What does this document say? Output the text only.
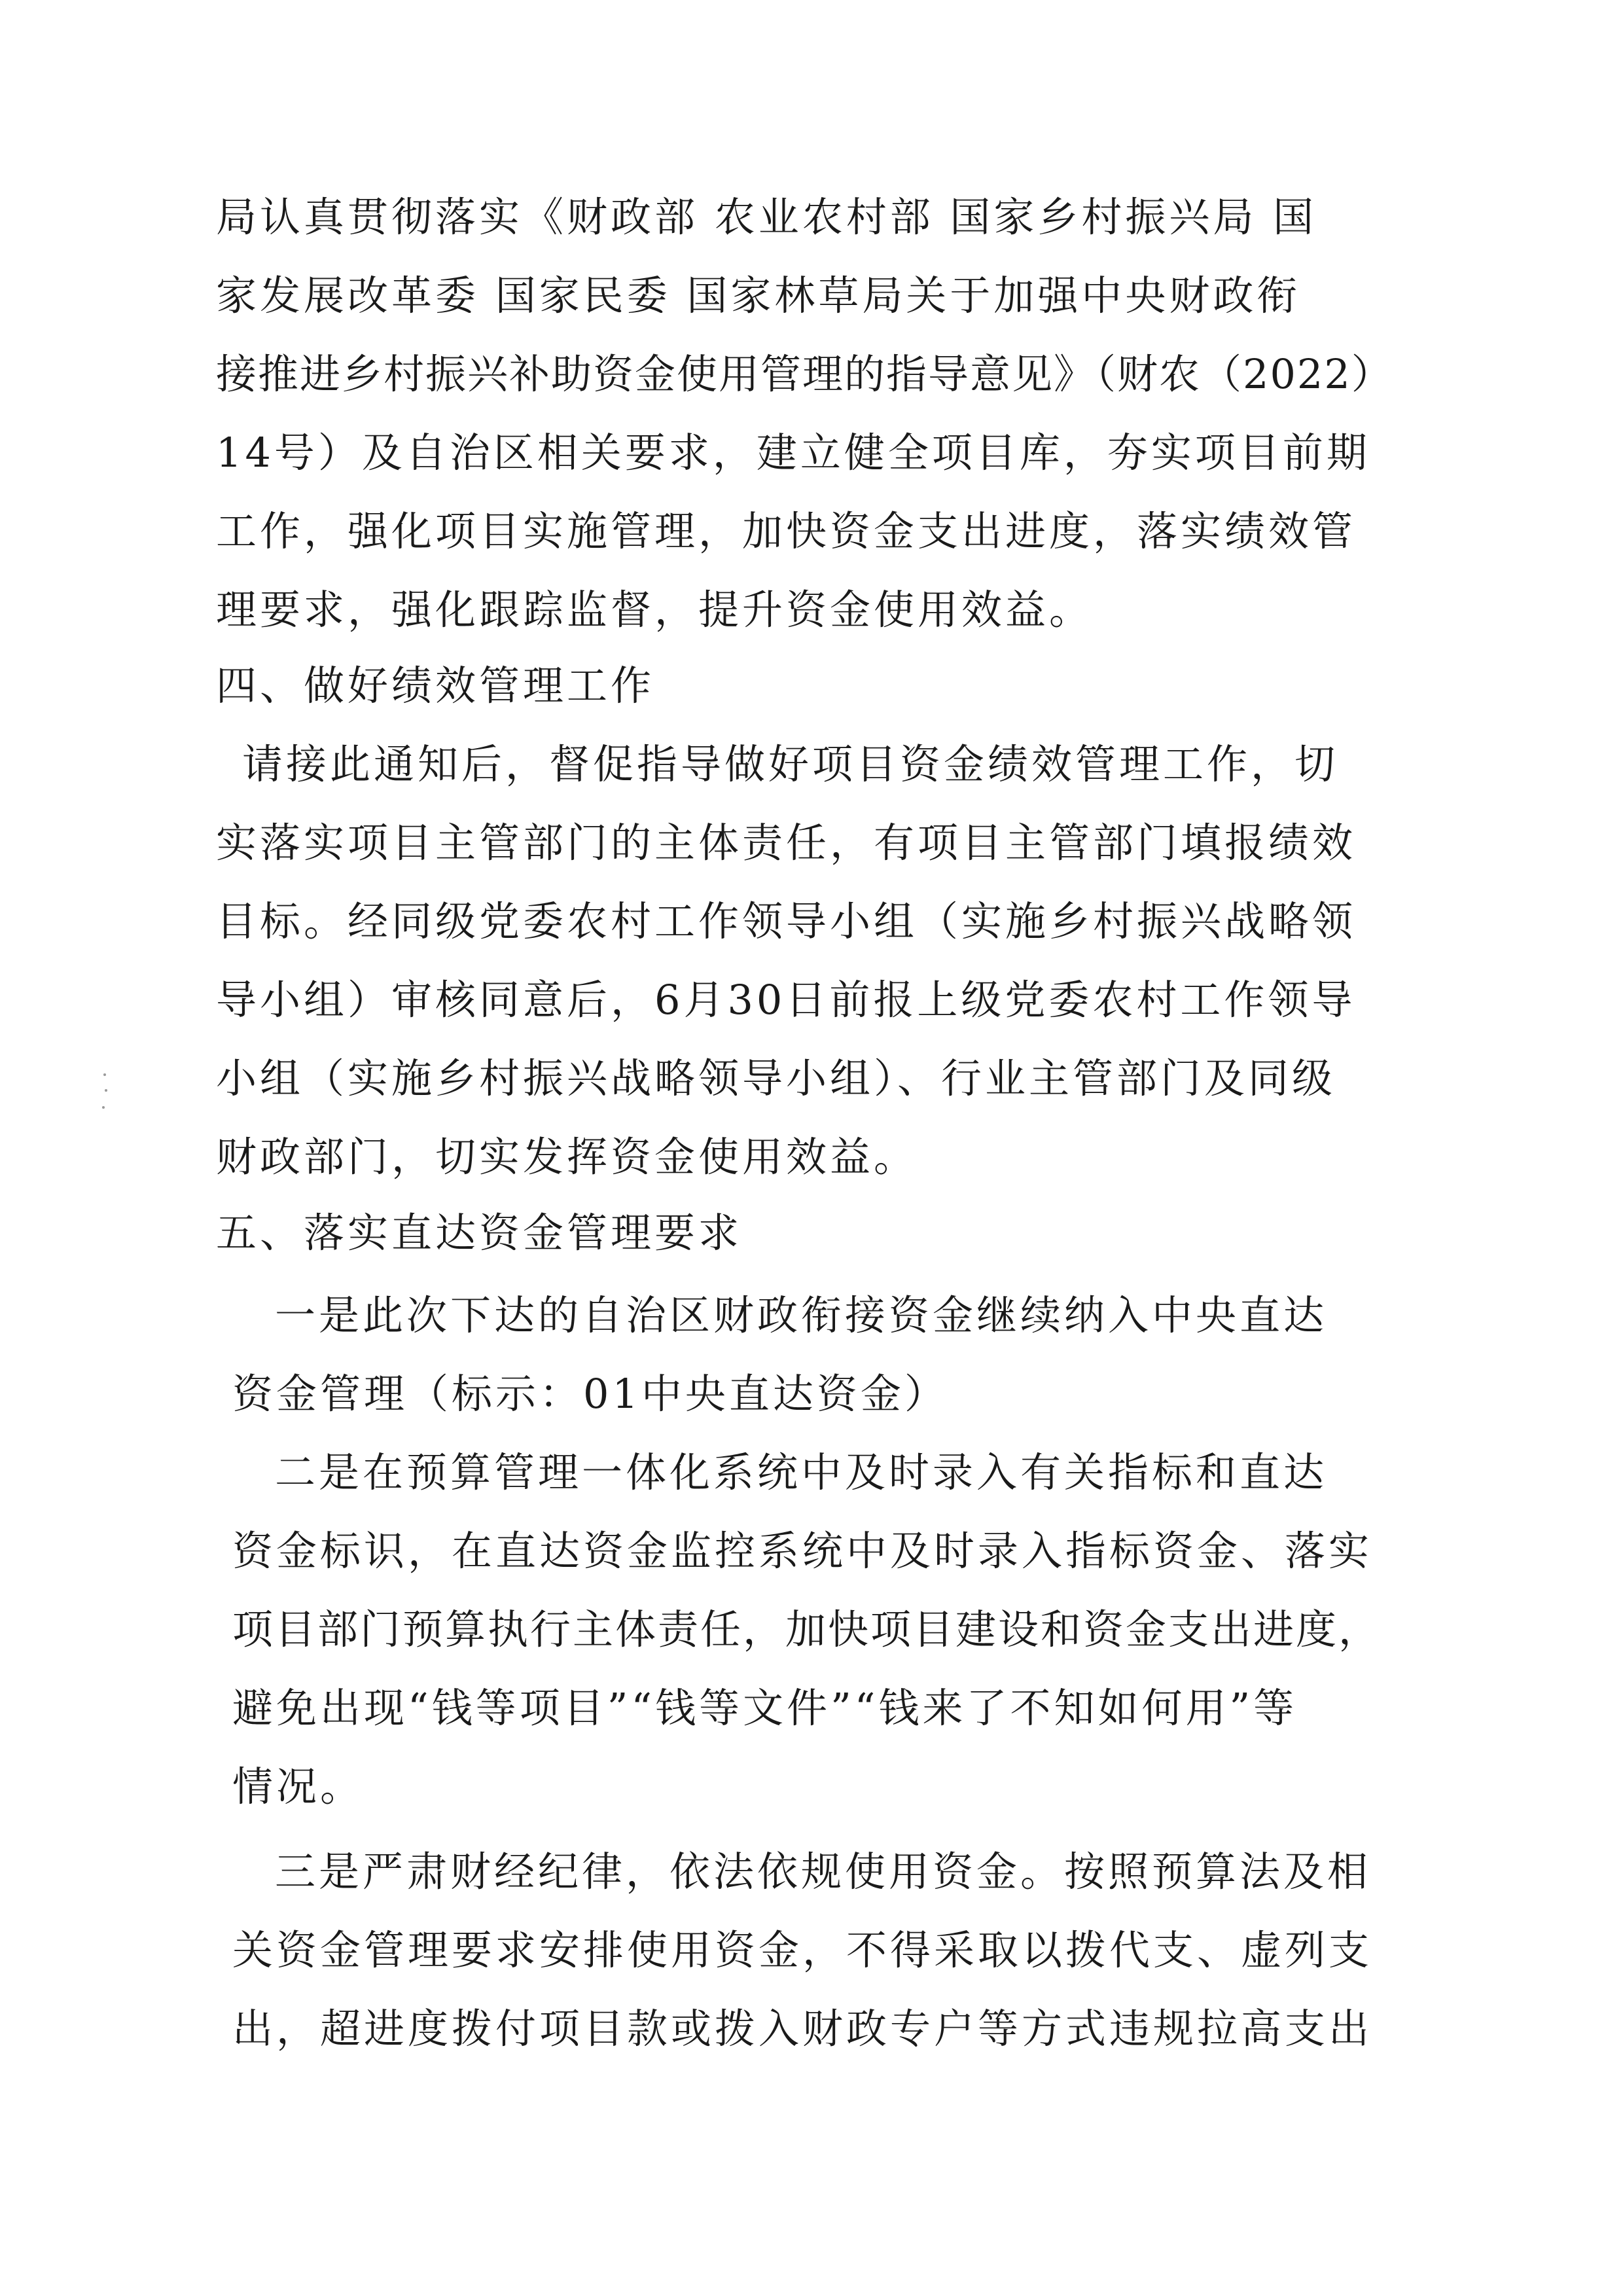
局认真贯彻落实《财政部 农业农村部 国家乡村振兴局 国
家发展改革委 国家民委 国家林草局关于加强中央财政衔
接推进乡村振兴补助资金使用管理的指导意见》（财农（2022）
14号）及自治区相关要求，建立健全项目库，夯实项目前期
工作，强化项目实施管理，加快资金支出进度，落实绩效管
理要求，强化跟踪监督，提升资金使用效益。
四、做好绩效管理工作
请接此通知后，督促指导做好项目资金绩效管理工作，切
实落实项目主管部门的主体责任，有项目主管部门填报绩效
目标。经同级党委农村工作领导小组（实施乡村振兴战略领
导小组）审核同意后，6月30日前报上级党委农村工作领导
小组（实施乡村振兴战略领导小组）、行业主管部门及同级
财政部门，切实发挥资金使用效益。
五、落实直达资金管理要求
一是此次下达的自治区财政衔接资金继续纳入中央直达
资金管理（标示：01中央直达资金）
二是在预算管理一体化系统中及时录入有关指标和直达
资金标识，在直达资金监控系统中及时录入指标资金、落实
项目部门预算执行主体责任，加快项目建设和资金支出进度，
避免出现“钱等项目”“钱等文件”“钱来了不知如何用”等
情况。
三是严肃财经纪律，依法依规使用资金。按照预算法及相
关资金管理要求安排使用资金，不得采取以拨代支、虚列支
出，超进度拨付项目款或拨入财政专户等方式违规拉高支出
